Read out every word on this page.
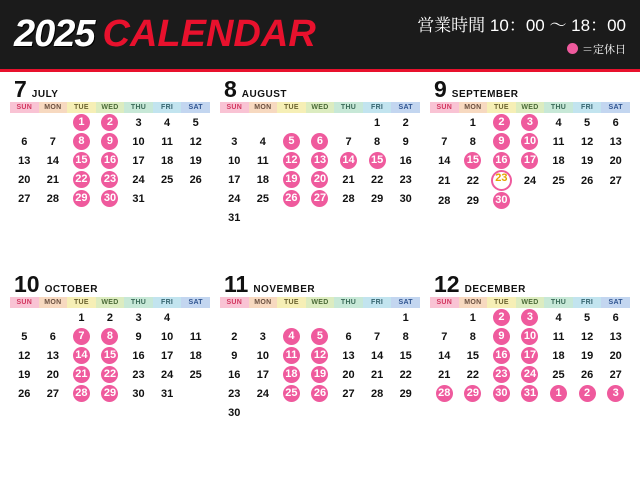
2025 CALENDAR	営業時間 10：00 ～ 18：00
＝定休日
7 JULY
SUN	MON	TUE	WED	THU	FRI	SAT
		1	2	3	4	5
6	7	8	9	10	11	12
13	14	15	16	17	18	19
20	21	22	23	24	25	26
27	28	29	30	31		
8 AUGUST
SUN	MON	TUE	WED	THU	FRI	SAT
					1	2
3	4	5	6	7	8	9
10	11	12	13	14	15	16
17	18	19	20	21	22	23
24	25	26	27	28	29	30
31						
9 SEPTEMBER
SUN	MON	TUE	WED	THU	FRI	SAT
	1	2	3	4	5	6
7	8	9	10	11	12	13
14	15	16	17	18	19	20
21	22	23	24	25	26	27
28	29	30				
10 OCTOBER
SUN	MON	TUE	WED	THU	FRI	SAT
		1	2	3	4	
5	6	7	8	9	10	11
12	13	14	15	16	17	18
19	20	21	22	23	24	25
26	27	28	29	30	31	
11 NOVEMBER
SUN	MON	TUE	WED	THU	FRI	SAT
						1
2	3	4	5	6	7	8
9	10	11	12	13	14	15
16	17	18	19	20	21	22
23	24	25	26	27	28	29
30						
12 DECEMBER
SUN	MON	TUE	WED	THU	FRI	SAT
	1	2	3	4	5	6
7	8	9	10	11	12	13
14	15	16	17	18	19	20
21	22	23	24	25	26	27
28	29	30	31	1	2	3
